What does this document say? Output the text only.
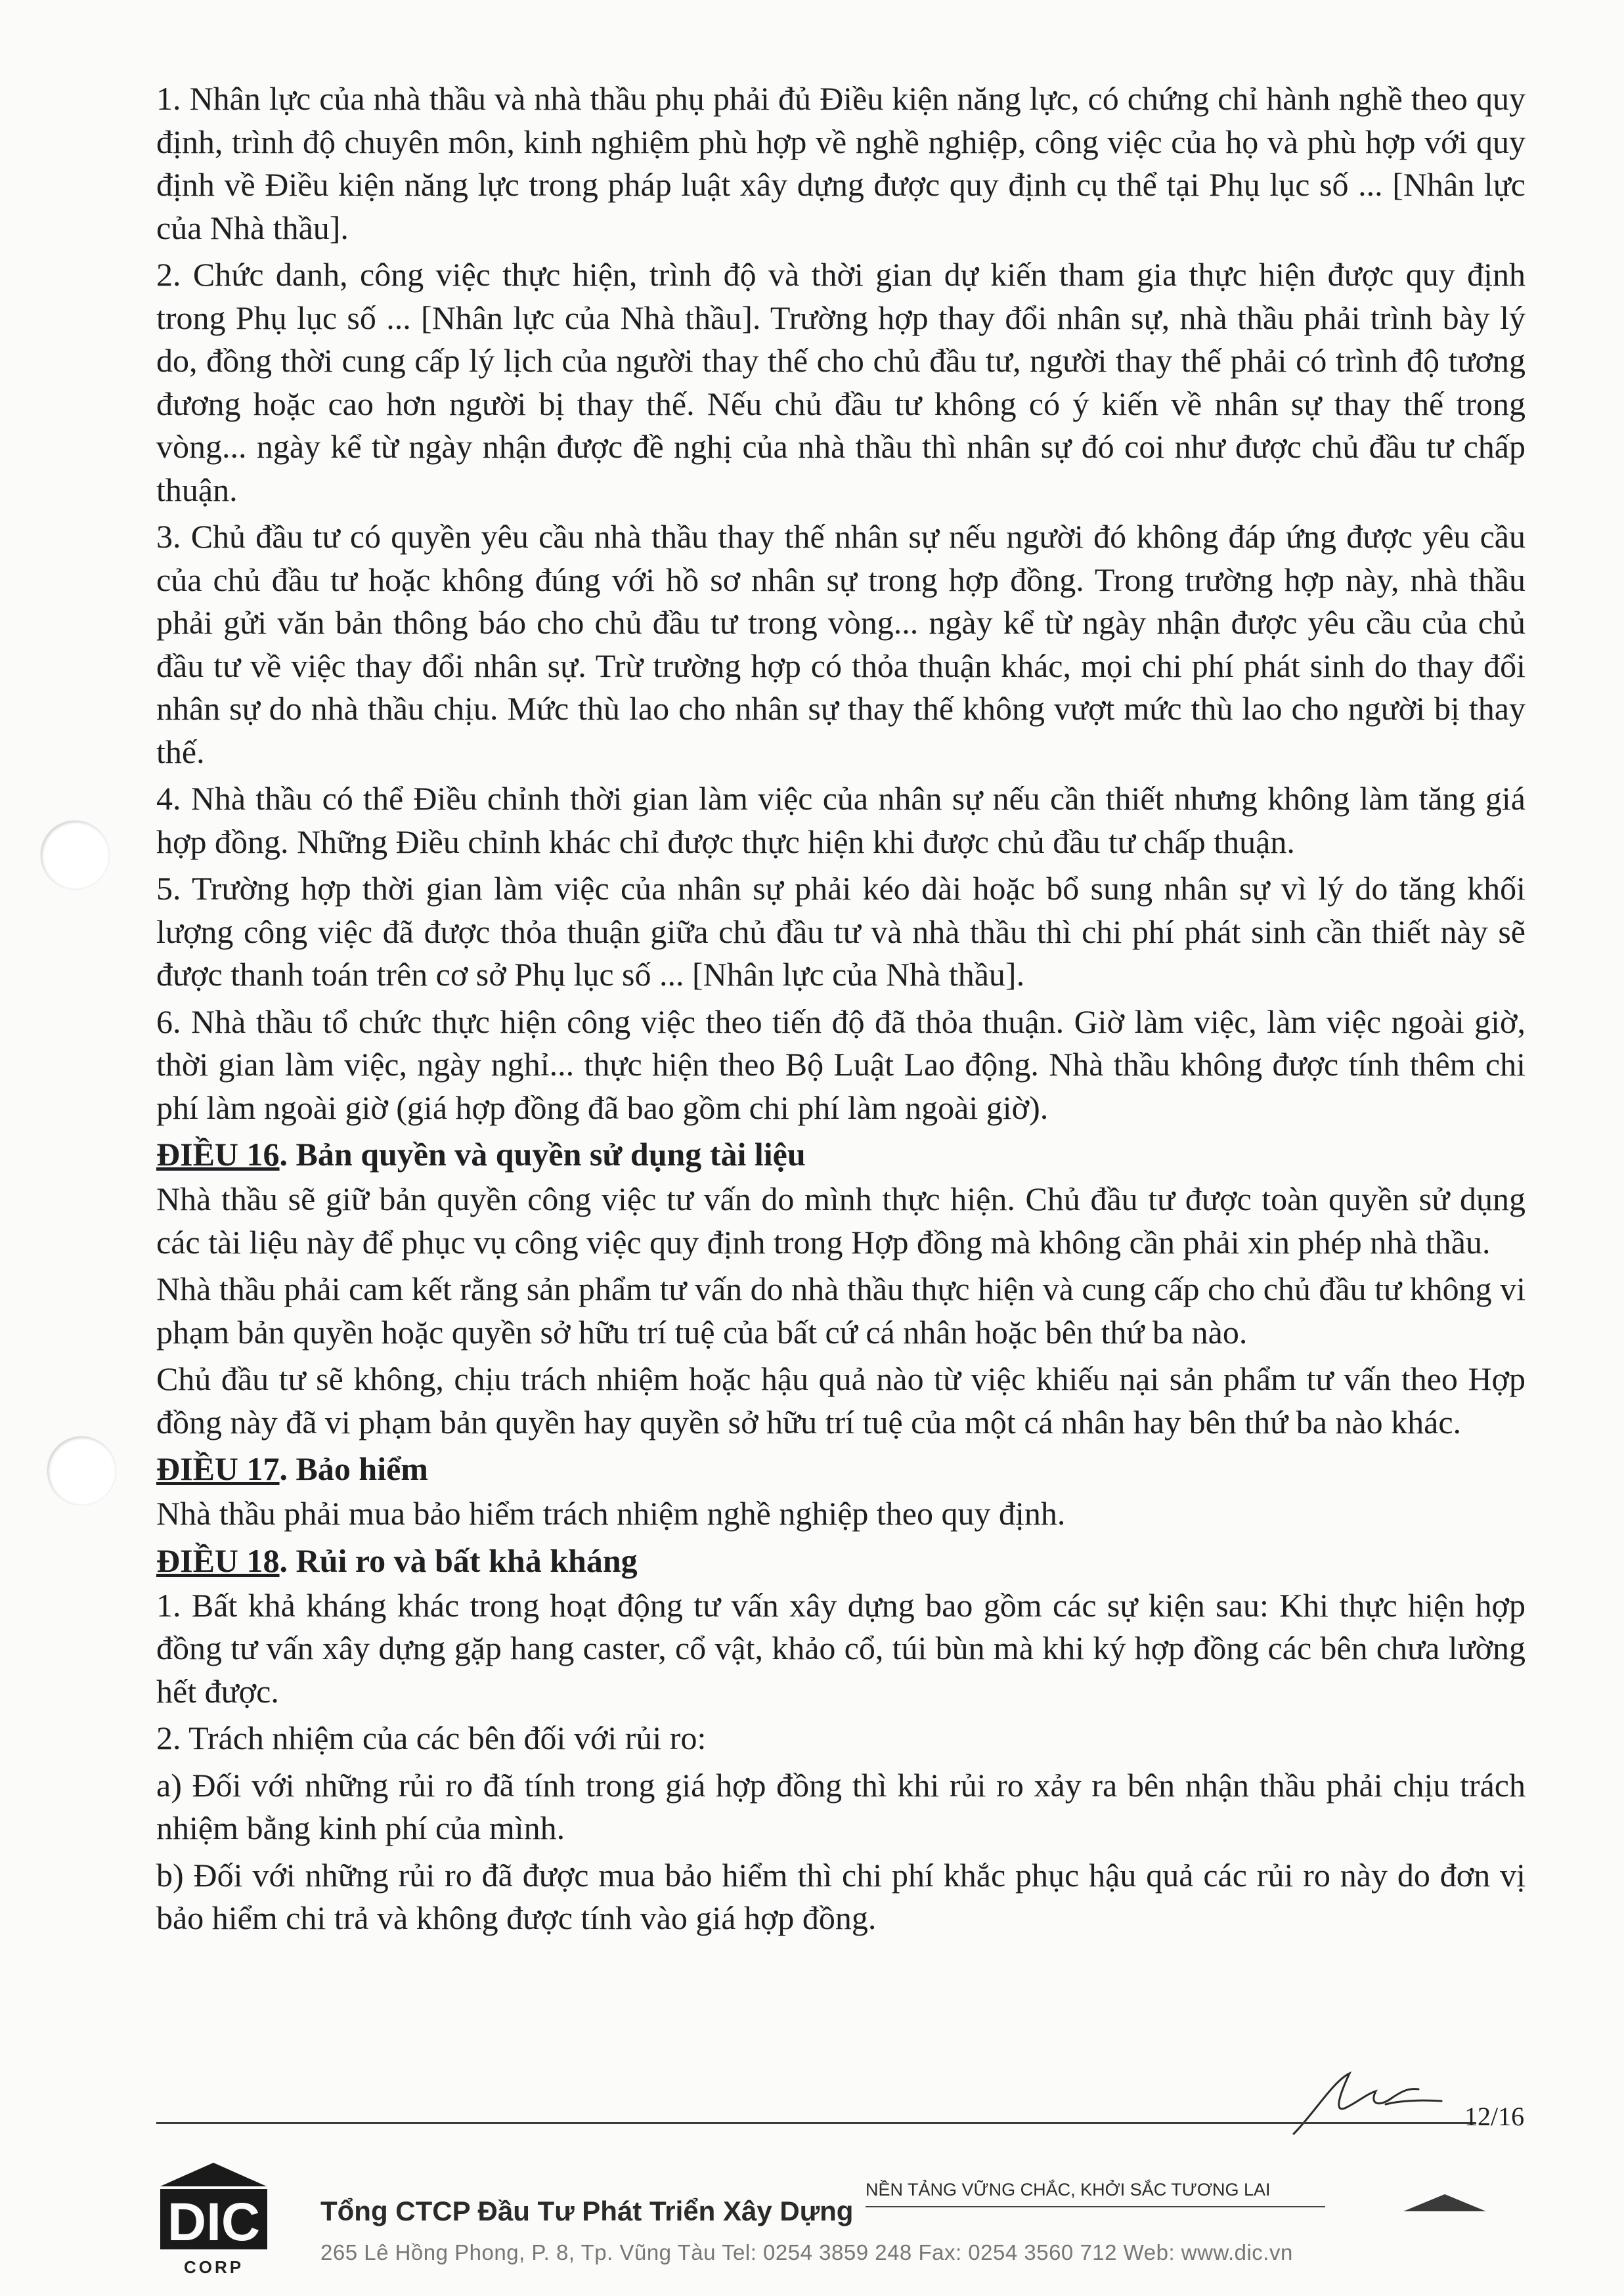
1. Nhân lực của nhà thầu và nhà thầu phụ phải đủ Điều kiện năng lực, có chứng chỉ hành nghề theo quy định, trình độ chuyên môn, kinh nghiệm phù hợp về nghề nghiệp, công việc của họ và phù hợp với quy định về Điều kiện năng lực trong pháp luật xây dựng được quy định cụ thể tại Phụ lục số ... [Nhân lực của Nhà thầu].

2. Chức danh, công việc thực hiện, trình độ và thời gian dự kiến tham gia thực hiện được quy định trong Phụ lục số ... [Nhân lực của Nhà thầu]. Trường hợp thay đổi nhân sự, nhà thầu phải trình bày lý do, đồng thời cung cấp lý lịch của người thay thế cho chủ đầu tư, người thay thế phải có trình độ tương đương hoặc cao hơn người bị thay thế. Nếu chủ đầu tư không có ý kiến về nhân sự thay thế trong vòng... ngày kể từ ngày nhận được đề nghị của nhà thầu thì nhân sự đó coi như được chủ đầu tư chấp thuận.

3. Chủ đầu tư có quyền yêu cầu nhà thầu thay thế nhân sự nếu người đó không đáp ứng được yêu cầu của chủ đầu tư hoặc không đúng với hồ sơ nhân sự trong hợp đồng. Trong trường hợp này, nhà thầu phải gửi văn bản thông báo cho chủ đầu tư trong vòng... ngày kể từ ngày nhận được yêu cầu của chủ đầu tư về việc thay đổi nhân sự. Trừ trường hợp có thỏa thuận khác, mọi chi phí phát sinh do thay đổi nhân sự do nhà thầu chịu. Mức thù lao cho nhân sự thay thế không vượt mức thù lao cho người bị thay thế.

4. Nhà thầu có thể Điều chỉnh thời gian làm việc của nhân sự nếu cần thiết nhưng không làm tăng giá hợp đồng. Những Điều chỉnh khác chỉ được thực hiện khi được chủ đầu tư chấp thuận.

5. Trường hợp thời gian làm việc của nhân sự phải kéo dài hoặc bổ sung nhân sự vì lý do tăng khối lượng công việc đã được thỏa thuận giữa chủ đầu tư và nhà thầu thì chi phí phát sinh cần thiết này sẽ được thanh toán trên cơ sở Phụ lục số ... [Nhân lực của Nhà thầu].

6. Nhà thầu tổ chức thực hiện công việc theo tiến độ đã thỏa thuận. Giờ làm việc, làm việc ngoài giờ, thời gian làm việc, ngày nghỉ... thực hiện theo Bộ Luật Lao động. Nhà thầu không được tính thêm chi phí làm ngoài giờ (giá hợp đồng đã bao gồm chi phí làm ngoài giờ).

ĐIỀU 16. Bản quyền và quyền sử dụng tài liệu

Nhà thầu sẽ giữ bản quyền công việc tư vấn do mình thực hiện. Chủ đầu tư được toàn quyền sử dụng các tài liệu này để phục vụ công việc quy định trong Hợp đồng mà không cần phải xin phép nhà thầu.

Nhà thầu phải cam kết rằng sản phẩm tư vấn do nhà thầu thực hiện và cung cấp cho chủ đầu tư không vi phạm bản quyền hoặc quyền sở hữu trí tuệ của bất cứ cá nhân hoặc bên thứ ba nào.

Chủ đầu tư sẽ không, chịu trách nhiệm hoặc hậu quả nào từ việc khiếu nại sản phẩm tư vấn theo Hợp đồng này đã vi phạm bản quyền hay quyền sở hữu trí tuệ của một cá nhân hay bên thứ ba nào khác.

ĐIỀU 17. Bảo hiểm

Nhà thầu phải mua bảo hiểm trách nhiệm nghề nghiệp theo quy định.

ĐIỀU 18. Rủi ro và bất khả kháng

1. Bất khả kháng khác trong hoạt động tư vấn xây dựng bao gồm các sự kiện sau: Khi thực hiện hợp đồng tư vấn xây dựng gặp hang caster, cổ vật, khảo cổ, túi bùn mà khi ký hợp đồng các bên chưa lường hết được.

2. Trách nhiệm của các bên đối với rủi ro:

a) Đối với những rủi ro đã tính trong giá hợp đồng thì khi rủi ro xảy ra bên nhận thầu phải chịu trách nhiệm bằng kinh phí của mình.

b) Đối với những rủi ro đã được mua bảo hiểm thì chi phí khắc phục hậu quả các rủi ro này do đơn vị bảo hiểm chi trả và không được tính vào giá hợp đồng.

12/16
DIC
CORP
Tổng CTCP Đầu Tư Phát Triển Xây Dựng
NỀN TẢNG VỮNG CHẮC, KHỞI SẮC TƯƠNG LAI
265 Lê Hồng Phong, P. 8, Tp. Vũng Tàu Tel: 0254 3859 248 Fax: 0254 3560 712 Web: www.dic.vn
